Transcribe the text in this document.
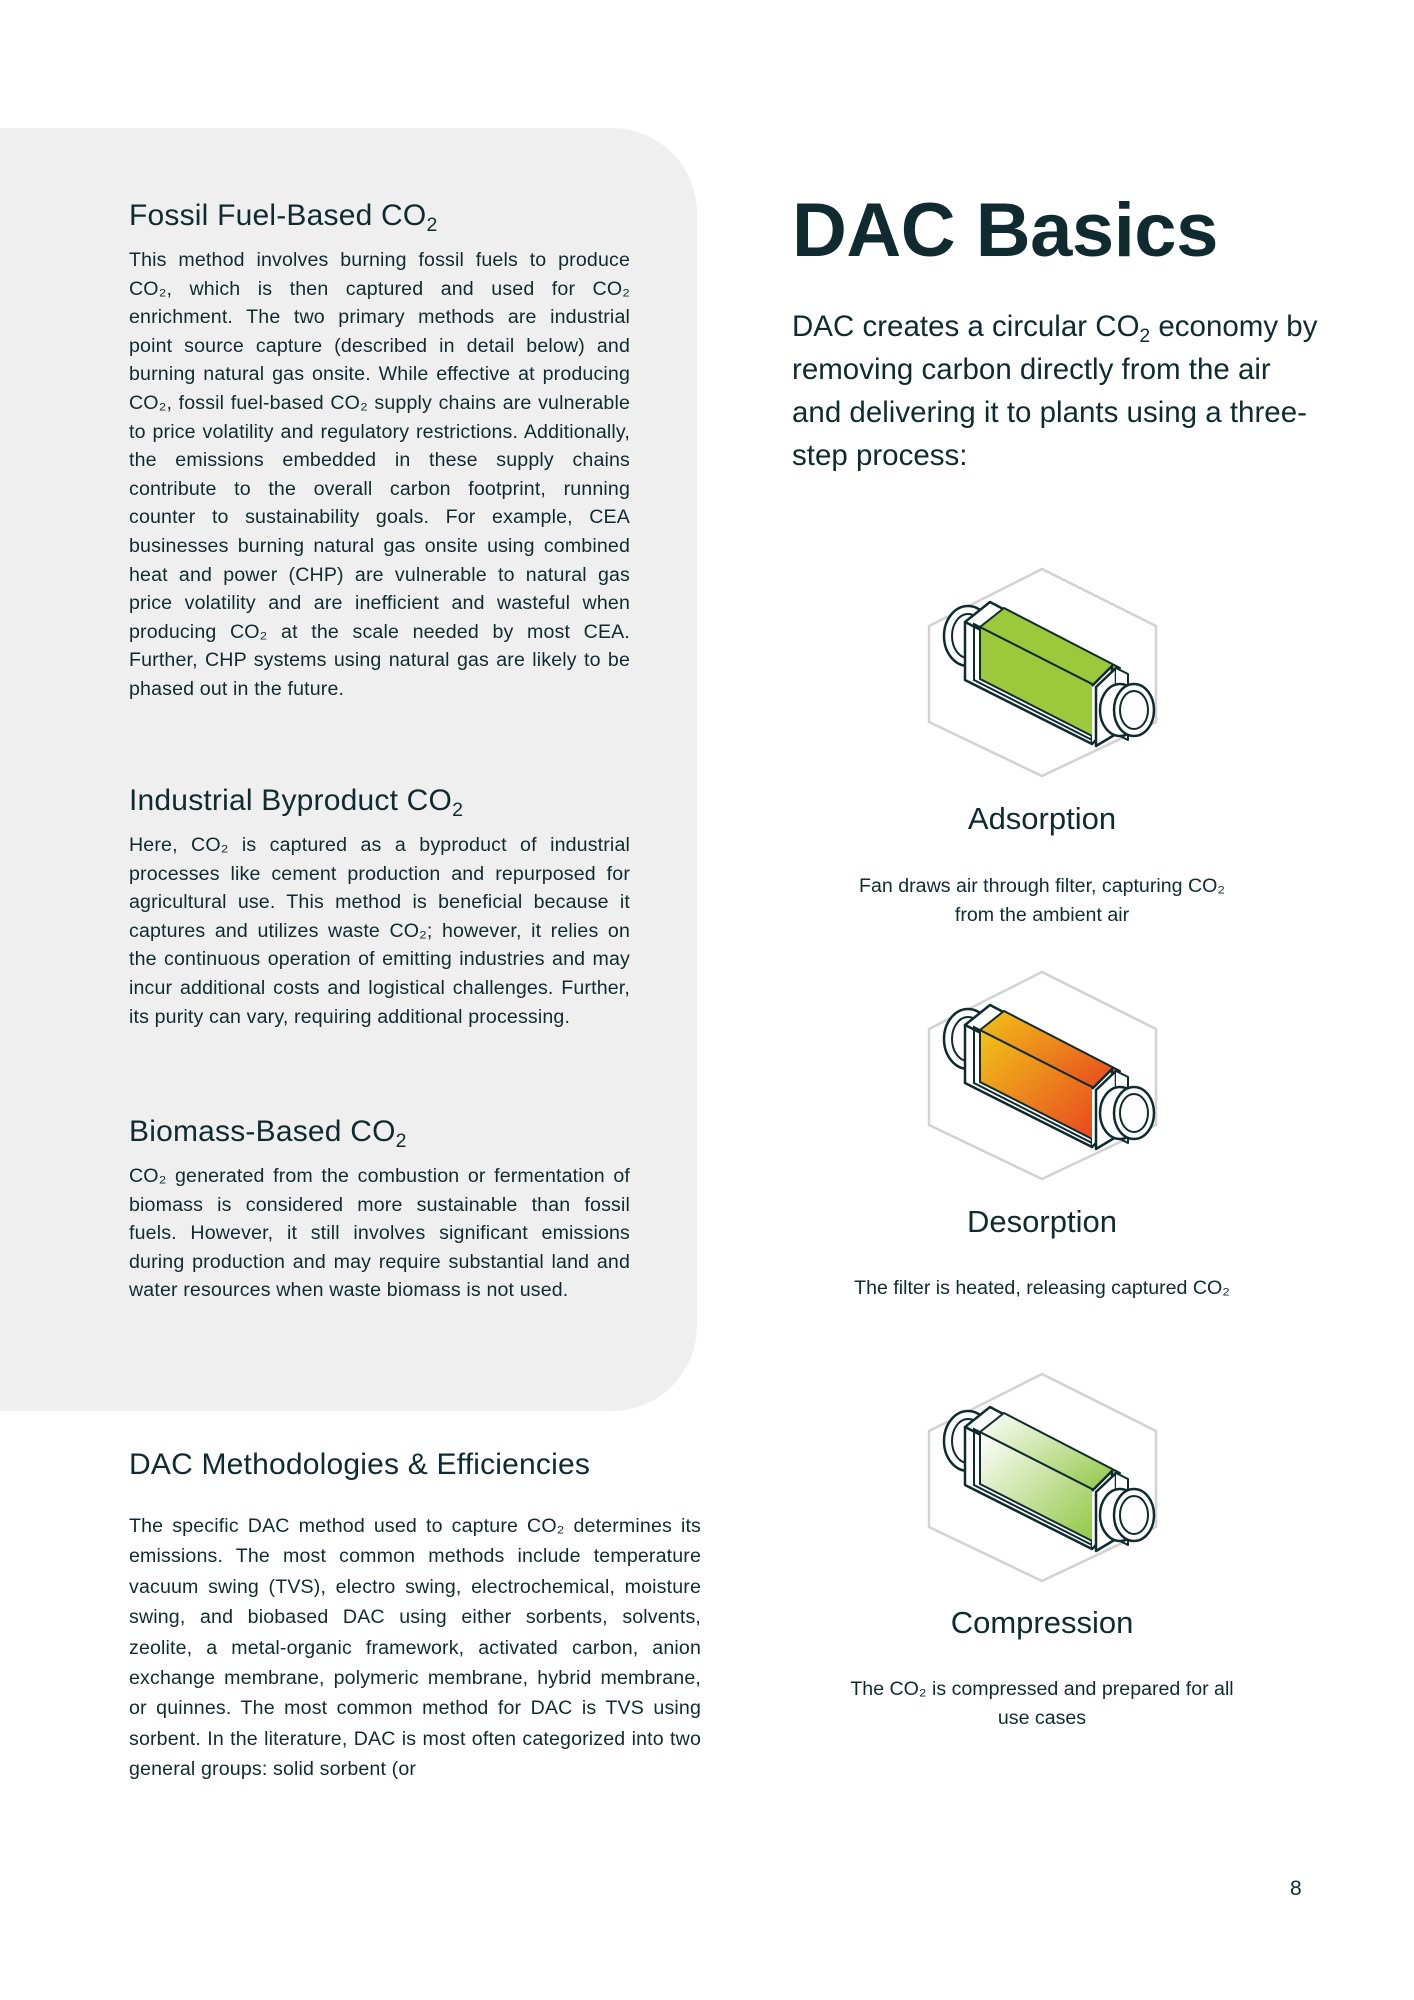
Fossil Fuel-Based $CO_2$

This method involves burning fossil fuels to produce CO₂, which is then captured and used for CO₂ enrichment. The two primary methods are industrial point source capture (described in detail below) and burning natural gas onsite. While effective at producing CO₂, fossil fuel-based CO₂ supply chains are vulnerable to price volatility and regulatory restrictions. Additionally, the emissions embedded in these supply chains contribute to the overall carbon footprint, running counter to sustainability goals. For example, CEA businesses burning natural gas onsite using combined heat and power (CHP) are vulnerable to natural gas price volatility and are inefficient and wasteful when producing CO₂ at the scale needed by most CEA. Further, CHP systems using natural gas are likely to be phased out in the future.

Industrial Byproduct $CO_2$

Here, CO₂ is captured as a byproduct of industrial processes like cement production and repurposed for agricultural use. This method is beneficial because it captures and utilizes waste CO₂; however, it relies on the continuous operation of emitting industries and may incur additional costs and logistical challenges. Further, its purity can vary, requiring additional processing.

Biomass-Based $CO_2$

CO₂ generated from the combustion or fermentation of biomass is considered more sustainable than fossil fuels. However, it still involves significant emissions during production and may require substantial land and water resources when waste biomass is not used.

DAC Methodologies & Efficiencies

The specific DAC method used to capture CO₂ determines its emissions. The most common methods include temperature vacuum swing (TVS), electro swing, electrochemical, moisture swing, and biobased DAC using either sorbents, solvents, zeolite, a metal-organic framework, activated carbon, anion exchange membrane, polymeric membrane, hybrid membrane, or quinnes. The most common method for DAC is TVS using sorbent. In the literature, DAC is most often categorized into two general groups: solid sorbent (or

DAC Basics

DAC creates a circular $CO_2$ economy by removing carbon directly from the air and delivering it to plants using a three-step process:

Adsorption

Fan draws air through filter, capturing CO₂ from the ambient air

Desorption

The filter is heated, releasing captured CO₂

Compression

The CO₂ is compressed and prepared for all use cases

8
